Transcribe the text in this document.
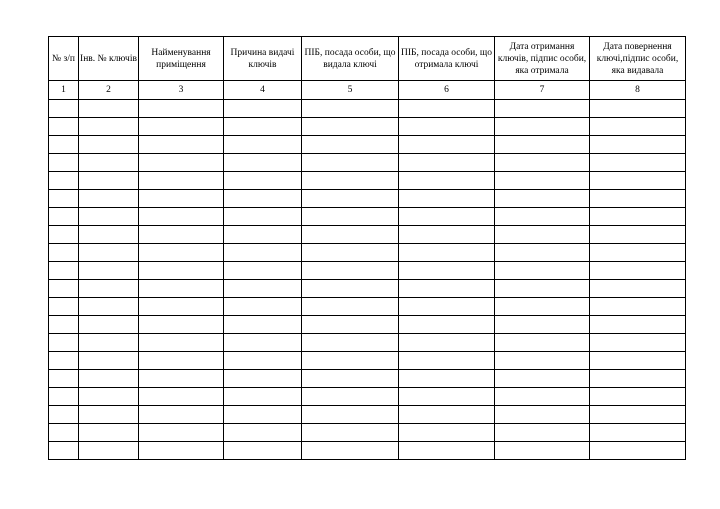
№ з/п	Інв. № ключів	Найменування приміщення	Причина видачі ключів	ПІБ, посада особи, що видала ключі	ПІБ, посада особи, що отримала ключі	Дата отримання ключів, підпис особи, яка отримала	Дата повернення ключі,підпис особи, яка видавала
1	2	3	4	5	6	7	8
